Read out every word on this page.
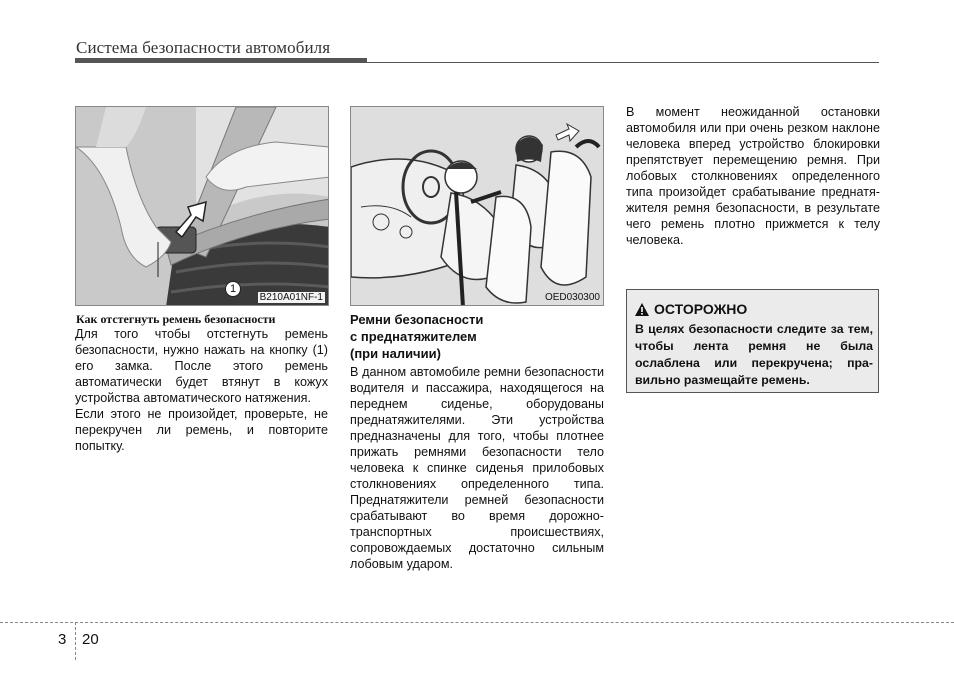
Система безопасности автомобиля
1
B210A01NF-1	OED030300
Как отстегнуть ремень безопасности
Для того чтобы отстегнуть ремень безопасности, нужно нажать на кнопку (1) его замка. После этого ремень автоматически будет втянут в кожух устройства автоматического натяжения.
Если этого не произойдет, проверьте, не перекручен ли ремень, и повторите попытку.
Ремни безопасности
с преднатяжителем
(при наличии)
В данном автомобиле ремни безопасности водителя и пассажира, находящегося на переднем сиденье, оборудованы преднатяжителями. Эти устройства предназначены для того, чтобы плотнее прижать ремнями безопасности тело человека к спинке сиденья прилобовых столкновениях определенного типа. Преднатяжители ремней безопасности срабатывают во время дорожно-транспортных происшествиях, сопровождаемых достаточно сильным лобовым ударом.
В момент неожиданной остановки автомобиля или при очень резком наклоне человека вперед устройство блокировки препятствует перемещению ремня. При лобовых столкновениях определенного типа произойдет срабатывание преднатяжителя ремня безопасности, в результате чего ремень плотно прижмется к телу человека.
ОСТОРОЖНО
В целях безопасности следите за тем, чтобы лента ремня не была ослаблена или перекручена; правильно размещайте ремень.
3 20
